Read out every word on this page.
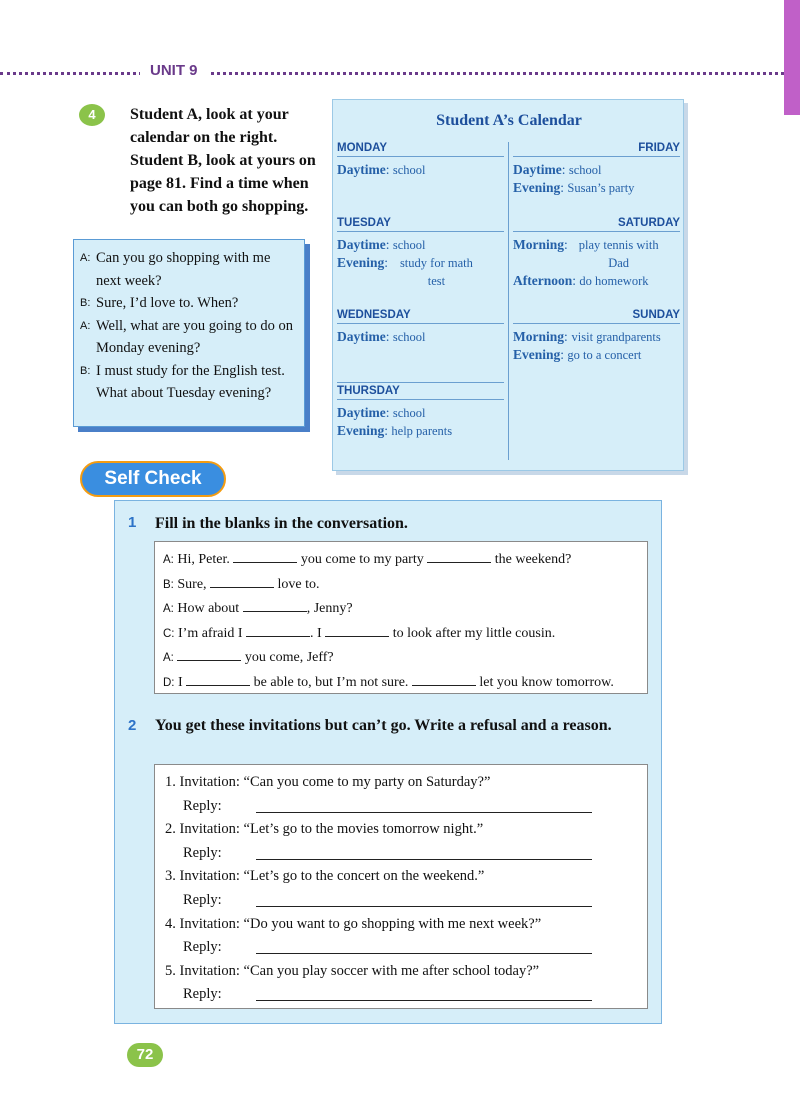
UNIT 9
4	Student A, look at your calendar on the right. Student B, look at yours on page 81. Find a time when you can both go shopping.
A: Can you go shopping with me next week?
B: Sure, I’d love to. When?
A: Well, what are you going to do on Monday evening?
B: I must study for the English test. What about Tuesday evening?
Student A’s Calendar
MONDAY
Daytime: school
TUESDAY
Daytime: school
Evening : study for math test
WEDNESDAY
Daytime: school
THURSDAY
Daytime: school
Evening: help parents
FRIDAY
Daytime: school
Evening: Susan’s party
SATURDAY
Morning : play tennis with Dad
Afternoon: do homework
SUNDAY
Morning : visit grandparents
Evening: go to a concert
Self Check
1 Fill in the blanks in the conversation.
A: Hi, Peter.	you come to my party	the weekend?
B: Sure,	love to.
A: How about	, Jenny?
C: I’m afraid I	. I	to look after my little cousin.
A:	you come, Jeff?
D: I	be able to, but I’m not sure.	let you know tomorrow.
2 You get these invitations but can’t go. Write a refusal and a reason.
1. Invitation: “Can you come to my party on Saturday?”
Reply:
2. Invitation: “Let’s go to the movies tomorrow night.”
Reply:
3. Invitation: “Let’s go to the concert on the weekend.”
Reply:
4. Invitation: “Do you want to go shopping with me next week?”
Reply:
5. Invitation: “Can you play soccer with me after school today?”
Reply:
72
